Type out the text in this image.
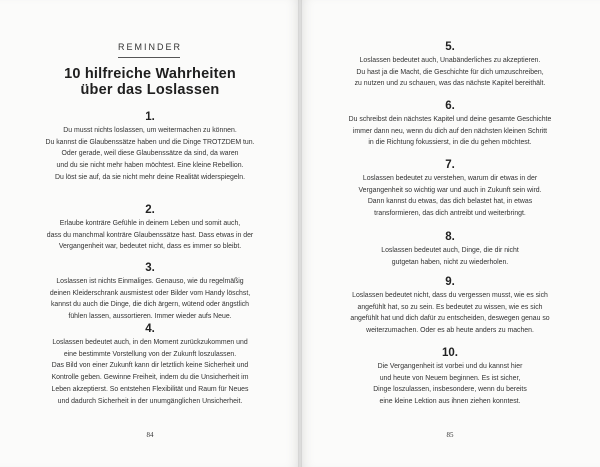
REMINDER
10 hilfreiche Wahrheiten
über das Loslassen
1.
Du musst nichts loslassen, um weitermachen zu können.
Du kannst die Glaubenssätze haben und die Dinge TROTZDEM tun.
Oder gerade, weil diese Glaubenssätze da sind, da waren
und du sie nicht mehr haben möchtest. Eine kleine Rebellion.
Du löst sie auf, da sie nicht mehr deine Realität widerspiegeln.
2.
Erlaube konträre Gefühle in deinem Leben und somit auch,
dass du manchmal konträre Glaubenssätze hast. Dass etwas in der
Vergangenheit war, bedeutet nicht, dass es immer so bleibt.
3.
Loslassen ist nichts Einmaliges. Genauso, wie du regelmäßig
deinen Kleiderschrank ausmistest oder Bilder vom Handy löschst,
kannst du auch die Dinge, die dich ärgern, wütend oder ängstlich
fühlen lassen, aussortieren. Immer wieder aufs Neue.
4.
Loslassen bedeutet auch, in den Moment zurückzukommen und
eine bestimmte Vorstellung von der Zukunft loszulassen.
Das Bild von einer Zukunft kann dir letztlich keine Sicherheit und
Kontrolle geben. Gewinne Freiheit, indem du die Unsicherheit im
Leben akzeptierst. So entstehen Flexibilität und Raum für Neues
und dadurch Sicherheit in der unumgänglichen Unsicherheit.
84
5.
Loslassen bedeutet auch, Unabänderliches zu akzeptieren.
Du hast ja die Macht, die Geschichte für dich umzuschreiben,
zu nutzen und zu schauen, was das nächste Kapitel bereithält.
6.
Du schreibst dein nächstes Kapitel und deine gesamte Geschichte
immer dann neu, wenn du dich auf den nächsten kleinen Schritt
in die Richtung fokussierst, in die du gehen möchtest.
7.
Loslassen bedeutet zu verstehen, warum dir etwas in der
Vergangenheit so wichtig war und auch in Zukunft sein wird.
Dann kannst du etwas, das dich belastet hat, in etwas
transformieren, das dich antreibt und weiterbringt.
8.
Loslassen bedeutet auch, Dinge, die dir nicht
gutgetan haben, nicht zu wiederholen.
9.
Loslassen bedeutet nicht, dass du vergessen musst, wie es sich
angefühlt hat, so zu sein. Es bedeutet zu wissen, wie es sich
angefühlt hat und dich dafür zu entscheiden, deswegen genau so
weiterzumachen. Oder es ab heute anders zu machen.
10.
Die Vergangenheit ist vorbei und du kannst hier
und heute von Neuem beginnen. Es ist sicher,
Dinge loszulassen, insbesondere, wenn du bereits
eine kleine Lektion aus ihnen ziehen konntest.
85
